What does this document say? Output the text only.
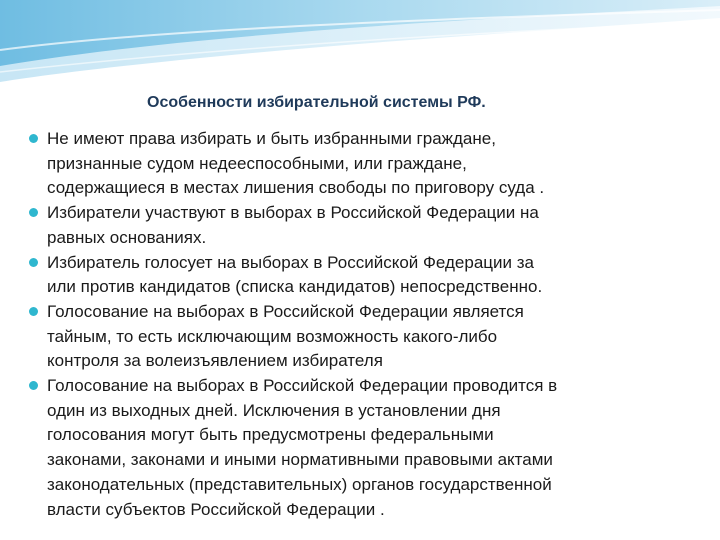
Особенности избирательной системы РФ.
Не имеют права избирать и быть избранными граждане,
признанные судом недееспособными, или граждане,
содержащиеся в местах лишения свободы по приговору суда .
Избиратели участвуют в выборах в Российской Федерации на
равных основаниях.
Избиратель голосует на выборах в Российской Федерации за
или против кандидатов (списка кандидатов) непосредственно.
Голосование на выборах в Российской Федерации является
тайным, то есть исключающим возможность какого-либо
контроля за волеизъявлением избирателя
Голосование на выборах в Российской Федерации проводится в
один из выходных дней. Исключения в установлении дня
голосования могут быть предусмотрены федеральными
законами, законами и иными нормативными правовыми актами
законодательных (представительных) органов государственной
власти субъектов Российской Федерации .
